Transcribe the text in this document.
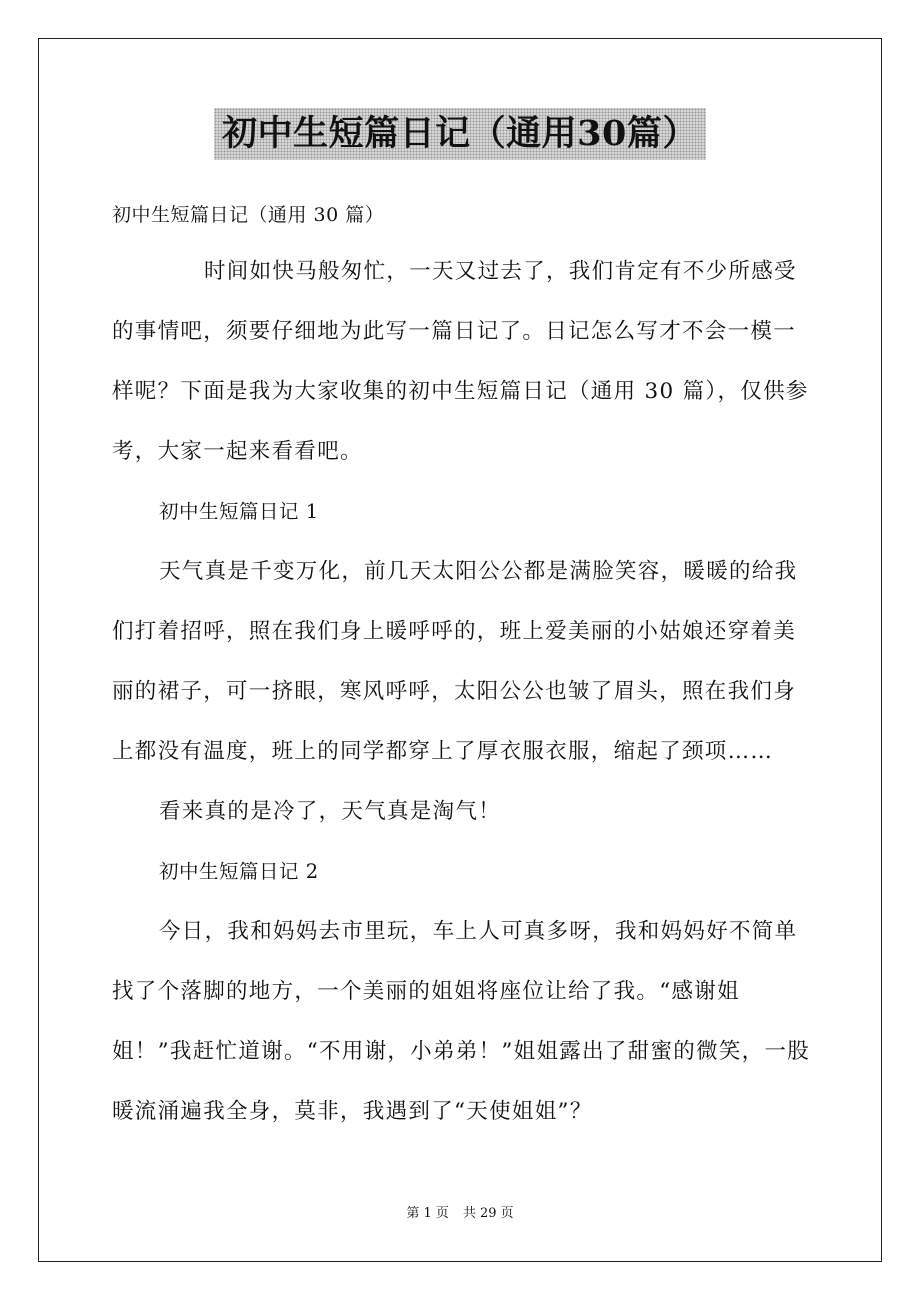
初中生短篇日记（通用30篇）
初中生短篇日记（通用 30 篇）
时间如快马般匆忙，一天又过去了，我们肯定有不少所感受的事情吧，须要仔细地为此写一篇日记了。日记怎么写才不会一模一样呢？下面是我为大家收集的初中生短篇日记（通用 30 篇），仅供参考，大家一起来看看吧。
初中生短篇日记 1
天气真是千变万化，前几天太阳公公都是满脸笑容，暖暖的给我们打着招呼，照在我们身上暖呼呼的，班上爱美丽的小姑娘还穿着美丽的裙子，可一挤眼，寒风呼呼，太阳公公也皱了眉头，照在我们身上都没有温度，班上的同学都穿上了厚衣服衣服，缩起了颈项……
看来真的是冷了，天气真是淘气！
初中生短篇日记 2
今日，我和妈妈去市里玩，车上人可真多呀，我和妈妈好不简单找了个落脚的地方，一个美丽的姐姐将座位让给了我。“感谢姐姐！”我赶忙道谢。“不用谢，小弟弟！”姐姐露出了甜蜜的微笑，一股暖流涌遍我全身，莫非，我遇到了“天使姐姐”？
第 1 页 共 29 页
